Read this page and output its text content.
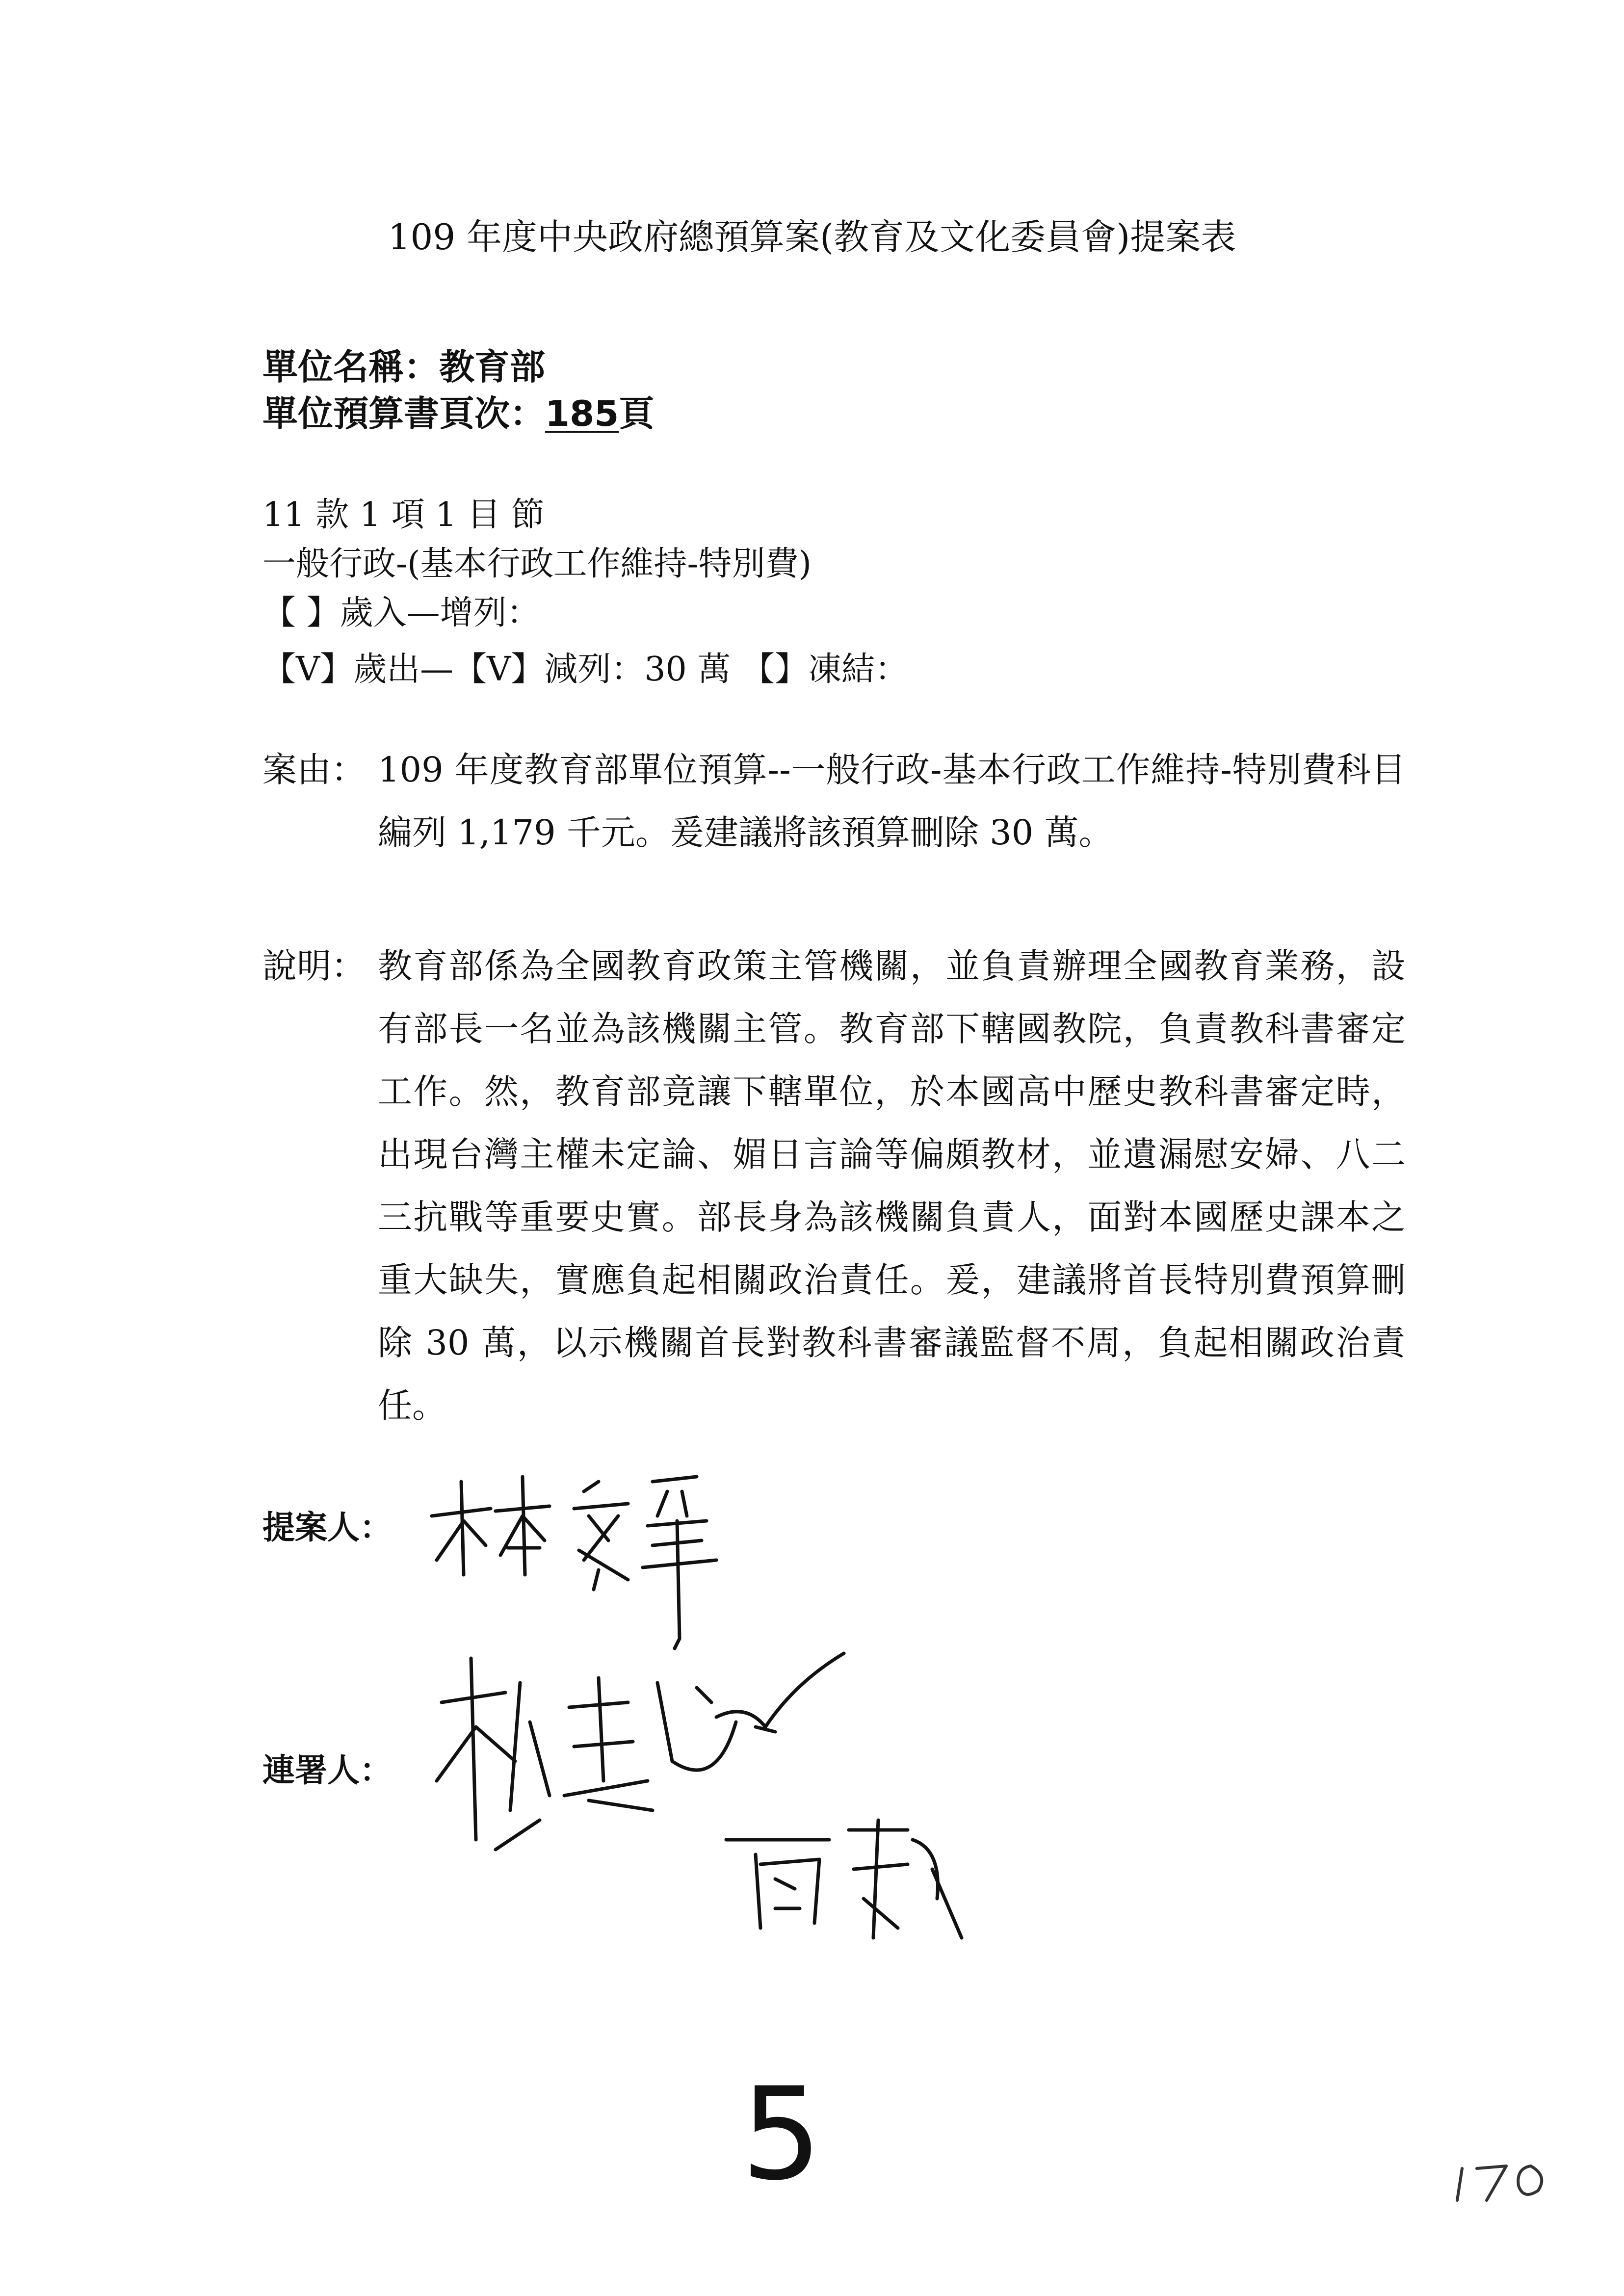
109 年度中央政府總預算案(教育及文化委員會)提案表
單位名稱：教育部
單位預算書頁次：185頁
11 款 1 項 1 目 節
一般行政-(基本行政工作維持-特別費)
【 】歲入—增列：
【V】歲出—【V】減列：30 萬 【】凍結：
案由： 109 年度教育部單位預算--一般行政-基本行政工作維持-特別費科目編列 1,179 千元。爰建議將該預算刪除 30 萬。
說明： 教育部係為全國教育政策主管機關，並負責辦理全國教育業務，設有部長一名並為該機關主管。教育部下轄國教院，負責教科書審定工作。然，教育部竟讓下轄單位，於本國高中歷史教科書審定時，出現台灣主權未定論、媚日言論等偏頗教材，並遺漏慰安婦、八二三抗戰等重要史實。部長身為該機關負責人，面對本國歷史課本之重大缺失，實應負起相關政治責任。爰，建議將首長特別費預算刪除 30 萬，以示機關首長對教科書審議監督不周，負起相關政治責任。
提案人：
連署人：
5
